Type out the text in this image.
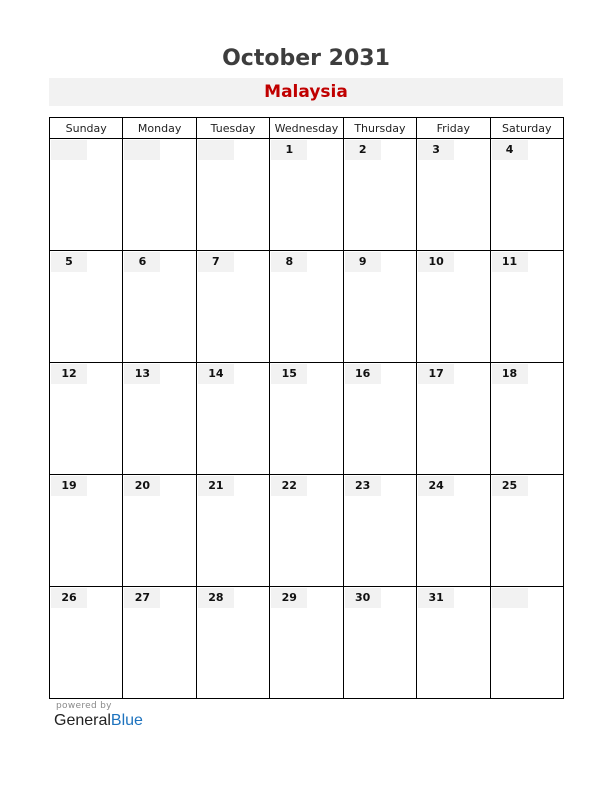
October 2031
Malaysia
Sunday	Monday	Tuesday	Wednesday	Thursday	Friday	Saturday

			1	2	3	4

5	6	7	8	9	10	11

12	13	14	15	16	17	18

19	20	21	22	23	24	25

26	27	28	29	30	31	

powered by
GeneralBlue
